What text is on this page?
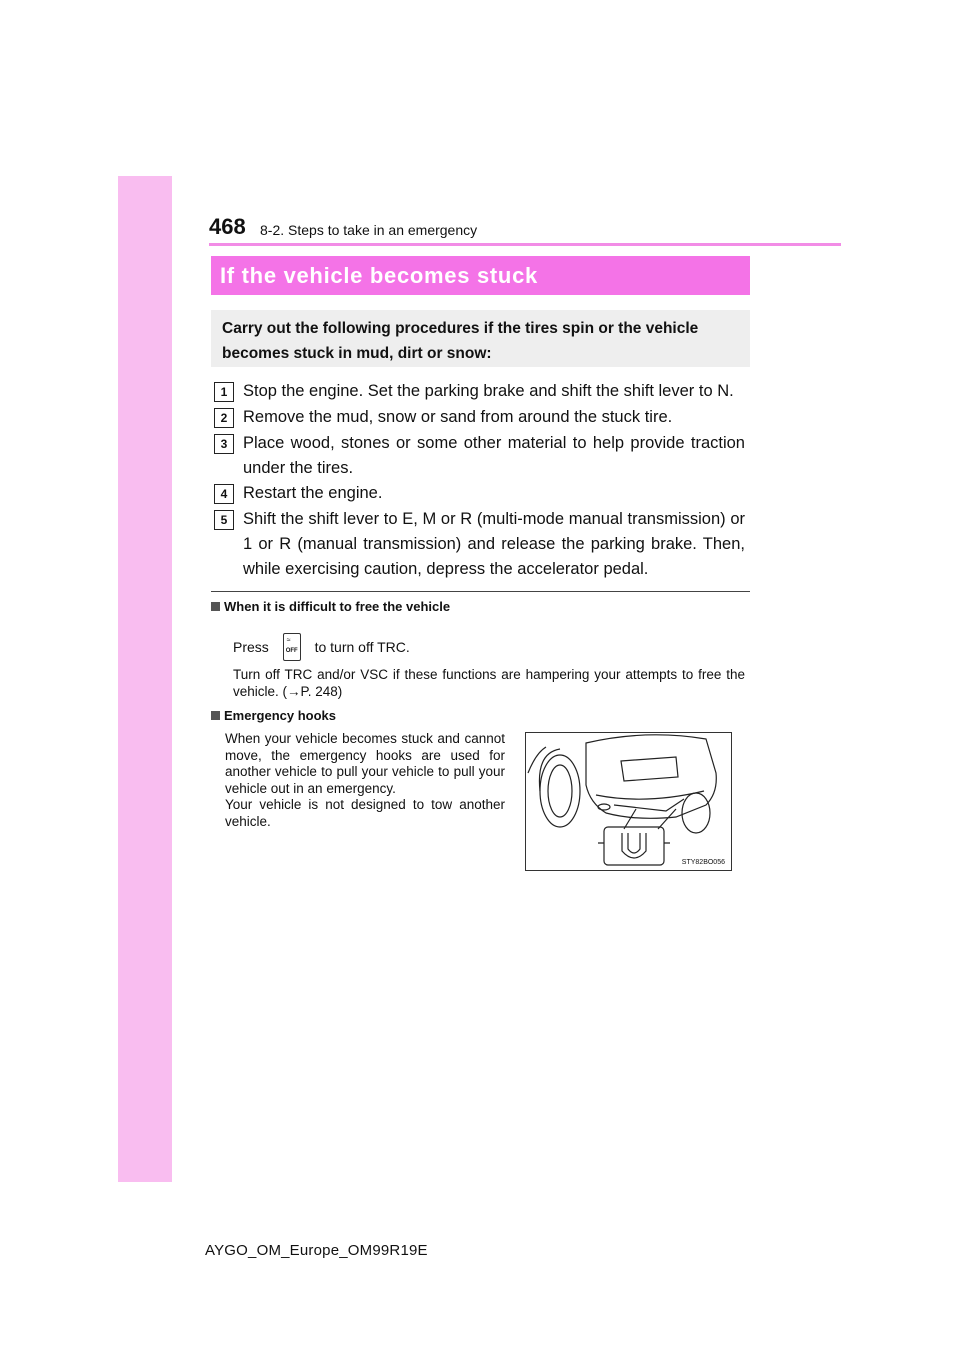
468 8-2. Steps to take in an emergency
If the vehicle becomes stuck
Carry out the following procedures if the tires spin or the vehicle becomes stuck in mud, dirt or snow:
1 Stop the engine. Set the parking brake and shift the shift lever to N.
2 Remove the mud, snow or sand from around the stuck tire.
3 Place wood, stones or some other material to help provide traction under the tires.
4 Restart the engine.
5 Shift the shift lever to E, M or R (multi-mode manual transmission) or 1 or R (manual transmission) and release the parking brake. Then, while exercising caution, depress the accelerator pedal.
When it is difficult to free the vehicle
Press	≈
OFF to turn off TRC.
Turn off TRC and/or VSC if these functions are hampering your attempts to free the vehicle. (→P. 248)
Emergency hooks
When your vehicle becomes stuck and cannot move, the emergency hooks are used for another vehicle to pull your vehicle to pull your vehicle out in an emergency.
Your vehicle is not designed to tow another vehicle.
STY82BO056
AYGO_OM_Europe_OM99R19E
